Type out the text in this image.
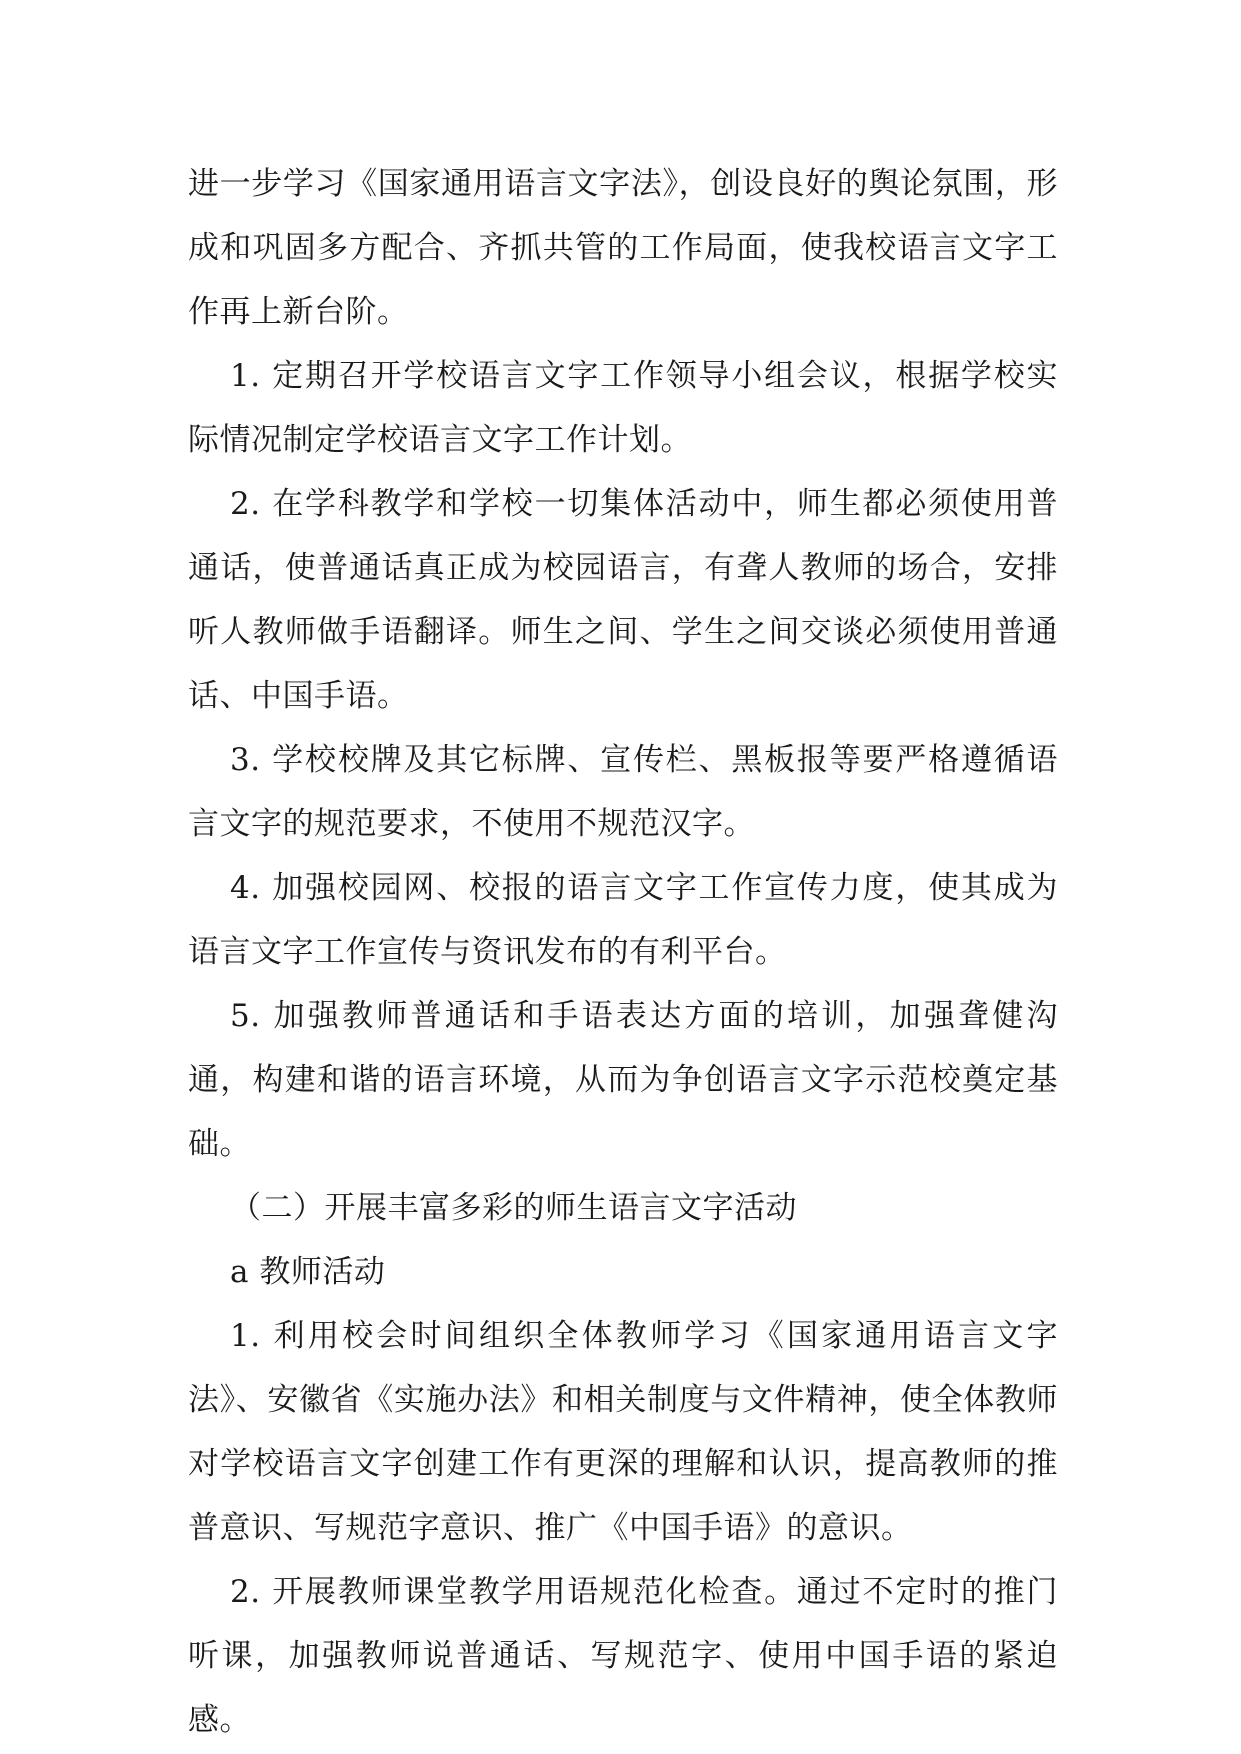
进一步学习《国家通用语言文字法》，创设良好的舆论氛围，形成和巩固多方配合、齐抓共管的工作局面，使我校语言文字工作再上新台阶。

1. 定期召开学校语言文字工作领导小组会议，根据学校实际情况制定学校语言文字工作计划。

2. 在学科教学和学校一切集体活动中，师生都必须使用普通话，使普通话真正成为校园语言，有聋人教师的场合，安排听人教师做手语翻译。师生之间、学生之间交谈必须使用普通话、中国手语。

3. 学校校牌及其它标牌、宣传栏、黑板报等要严格遵循语言文字的规范要求，不使用不规范汉字。

4. 加强校园网、校报的语言文字工作宣传力度，使其成为语言文字工作宣传与资讯发布的有利平台。

5. 加强教师普通话和手语表达方面的培训，加强聋健沟通，构建和谐的语言环境，从而为争创语言文字示范校奠定基础。

（二）开展丰富多彩的师生语言文字活动

a 教师活动

1. 利用校会时间组织全体教师学习《国家通用语言文字法》、安徽省《实施办法》和相关制度与文件精神，使全体教师对学校语言文字创建工作有更深的理解和认识，提高教师的推普意识、写规范字意识、推广《中国手语》的意识。

2. 开展教师课堂教学用语规范化检查。通过不定时的推门听课，加强教师说普通话、写规范字、使用中国手语的紧迫感。
